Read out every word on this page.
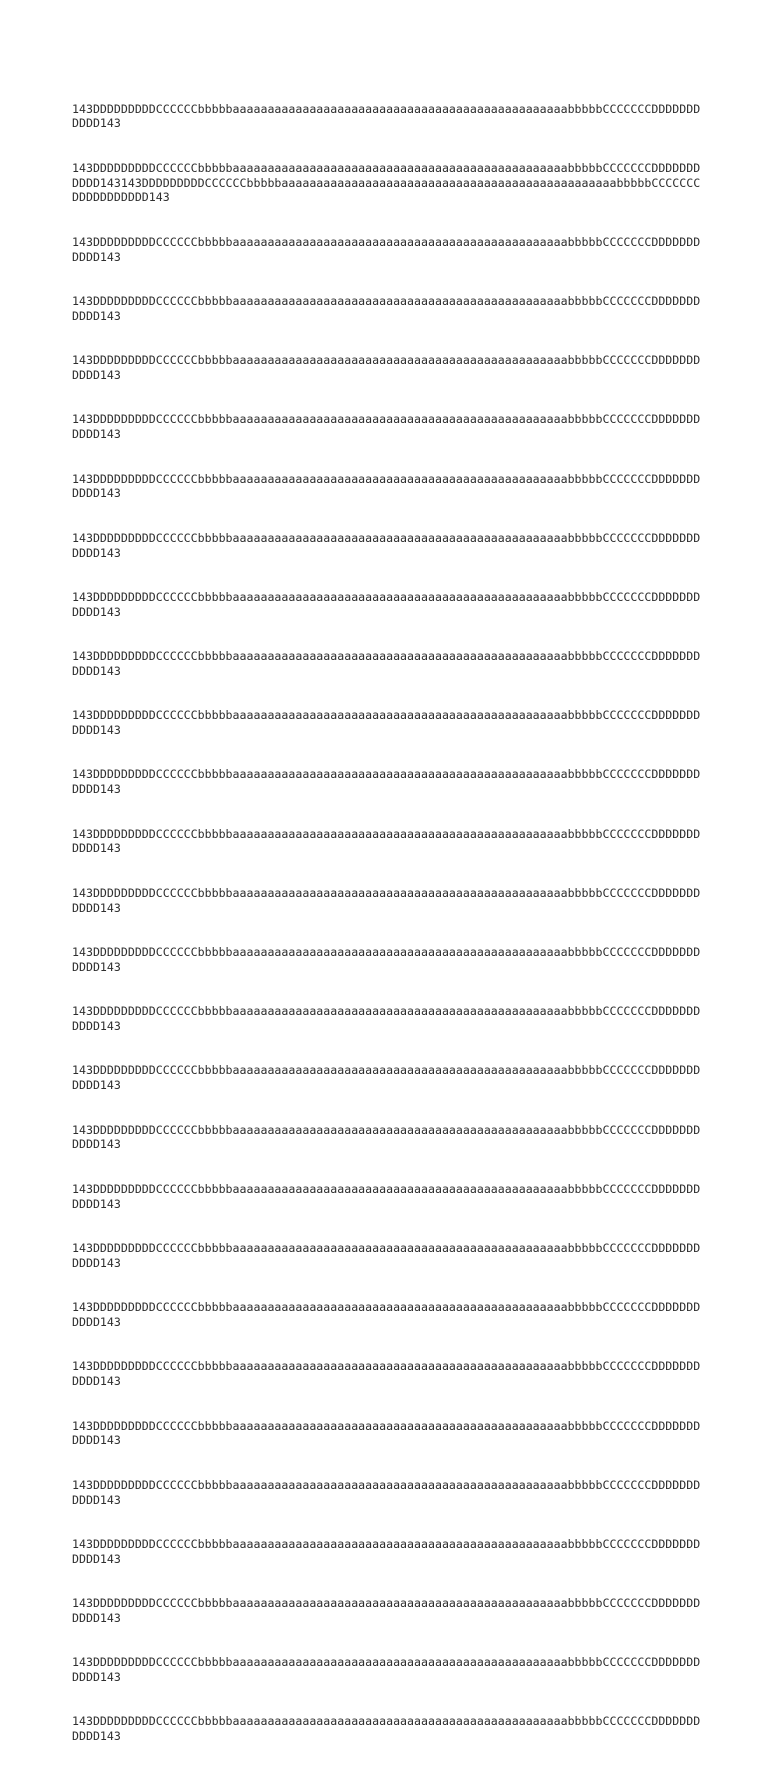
143DDDDDDDDDCCCCCCbbbbbaaaaaaaaaaaaaaaaaaaaaaaaaaaaaaaaaaaaaaaaaaaaaaaabbbbbCCCCCCCDDDDDDDDDDD143

143DDDDDDDDDCCCCCCbbbbbaaaaaaaaaaaaaaaaaaaaaaaaaaaaaaaaaaaaaaaaaaaaaaaabbbbbCCCCCCCDDDDDDDDDDD143143DDDDDDDDDCCCCCCbbbbbaaaaaaaaaaaaaaaaaaaaaaaaaaaaaaaaaaaaaaaaaaaaaaaabbbbbCCCCCCCDDDDDDDDDDD143

143DDDDDDDDDCCCCCCbbbbbaaaaaaaaaaaaaaaaaaaaaaaaaaaaaaaaaaaaaaaaaaaaaaaabbbbbCCCCCCCDDDDDDDDDDD143

143DDDDDDDDDCCCCCCbbbbbaaaaaaaaaaaaaaaaaaaaaaaaaaaaaaaaaaaaaaaaaaaaaaaabbbbbCCCCCCCDDDDDDDDDDD143

143DDDDDDDDDCCCCCCbbbbbaaaaaaaaaaaaaaaaaaaaaaaaaaaaaaaaaaaaaaaaaaaaaaaabbbbbCCCCCCCDDDDDDDDDDD143

143DDDDDDDDDCCCCCCbbbbbaaaaaaaaaaaaaaaaaaaaaaaaaaaaaaaaaaaaaaaaaaaaaaaabbbbbCCCCCCCDDDDDDDDDDD143

143DDDDDDDDDCCCCCCbbbbbaaaaaaaaaaaaaaaaaaaaaaaaaaaaaaaaaaaaaaaaaaaaaaaabbbbbCCCCCCCDDDDDDDDDDD143

143DDDDDDDDDCCCCCCbbbbbaaaaaaaaaaaaaaaaaaaaaaaaaaaaaaaaaaaaaaaaaaaaaaaabbbbbCCCCCCCDDDDDDDDDDD143

143DDDDDDDDDCCCCCCbbbbbaaaaaaaaaaaaaaaaaaaaaaaaaaaaaaaaaaaaaaaaaaaaaaaabbbbbCCCCCCCDDDDDDDDDDD143

143DDDDDDDDDCCCCCCbbbbbaaaaaaaaaaaaaaaaaaaaaaaaaaaaaaaaaaaaaaaaaaaaaaaabbbbbCCCCCCCDDDDDDDDDDD143

143DDDDDDDDDCCCCCCbbbbbaaaaaaaaaaaaaaaaaaaaaaaaaaaaaaaaaaaaaaaaaaaaaaaabbbbbCCCCCCCDDDDDDDDDDD143

143DDDDDDDDDCCCCCCbbbbbaaaaaaaaaaaaaaaaaaaaaaaaaaaaaaaaaaaaaaaaaaaaaaaabbbbbCCCCCCCDDDDDDDDDDD143

143DDDDDDDDDCCCCCCbbbbbaaaaaaaaaaaaaaaaaaaaaaaaaaaaaaaaaaaaaaaaaaaaaaaabbbbbCCCCCCCDDDDDDDDDDD143

143DDDDDDDDDCCCCCCbbbbbaaaaaaaaaaaaaaaaaaaaaaaaaaaaaaaaaaaaaaaaaaaaaaaabbbbbCCCCCCCDDDDDDDDDDD143

143DDDDDDDDDCCCCCCbbbbbaaaaaaaaaaaaaaaaaaaaaaaaaaaaaaaaaaaaaaaaaaaaaaaabbbbbCCCCCCCDDDDDDDDDDD143

143DDDDDDDDDCCCCCCbbbbbaaaaaaaaaaaaaaaaaaaaaaaaaaaaaaaaaaaaaaaaaaaaaaaabbbbbCCCCCCCDDDDDDDDDDD143

143DDDDDDDDDCCCCCCbbbbbaaaaaaaaaaaaaaaaaaaaaaaaaaaaaaaaaaaaaaaaaaaaaaaabbbbbCCCCCCCDDDDDDDDDDD143

143DDDDDDDDDCCCCCCbbbbbaaaaaaaaaaaaaaaaaaaaaaaaaaaaaaaaaaaaaaaaaaaaaaaabbbbbCCCCCCCDDDDDDDDDDD143

143DDDDDDDDDCCCCCCbbbbbaaaaaaaaaaaaaaaaaaaaaaaaaaaaaaaaaaaaaaaaaaaaaaaabbbbbCCCCCCCDDDDDDDDDDD143

143DDDDDDDDDCCCCCCbbbbbaaaaaaaaaaaaaaaaaaaaaaaaaaaaaaaaaaaaaaaaaaaaaaaabbbbbCCCCCCCDDDDDDDDDDD143

143DDDDDDDDDCCCCCCbbbbbaaaaaaaaaaaaaaaaaaaaaaaaaaaaaaaaaaaaaaaaaaaaaaaabbbbbCCCCCCCDDDDDDDDDDD143

143DDDDDDDDDCCCCCCbbbbbaaaaaaaaaaaaaaaaaaaaaaaaaaaaaaaaaaaaaaaaaaaaaaaabbbbbCCCCCCCDDDDDDDDDDD143

143DDDDDDDDDCCCCCCbbbbbaaaaaaaaaaaaaaaaaaaaaaaaaaaaaaaaaaaaaaaaaaaaaaaabbbbbCCCCCCCDDDDDDDDDDD143

143DDDDDDDDDCCCCCCbbbbbaaaaaaaaaaaaaaaaaaaaaaaaaaaaaaaaaaaaaaaaaaaaaaaabbbbbCCCCCCCDDDDDDDDDDD143

143DDDDDDDDDCCCCCCbbbbbaaaaaaaaaaaaaaaaaaaaaaaaaaaaaaaaaaaaaaaaaaaaaaaabbbbbCCCCCCCDDDDDDDDDDD143

143DDDDDDDDDCCCCCCbbbbbaaaaaaaaaaaaaaaaaaaaaaaaaaaaaaaaaaaaaaaaaaaaaaaabbbbbCCCCCCCDDDDDDDDDDD143

143DDDDDDDDDCCCCCCbbbbbaaaaaaaaaaaaaaaaaaaaaaaaaaaaaaaaaaaaaaaaaaaaaaaabbbbbCCCCCCCDDDDDDDDDDD143

143DDDDDDDDDCCCCCCbbbbbaaaaaaaaaaaaaaaaaaaaaaaaaaaaaaaaaaaaaaaaaaaaaaaabbbbbCCCCCCCDDDDDDDDDDD143
